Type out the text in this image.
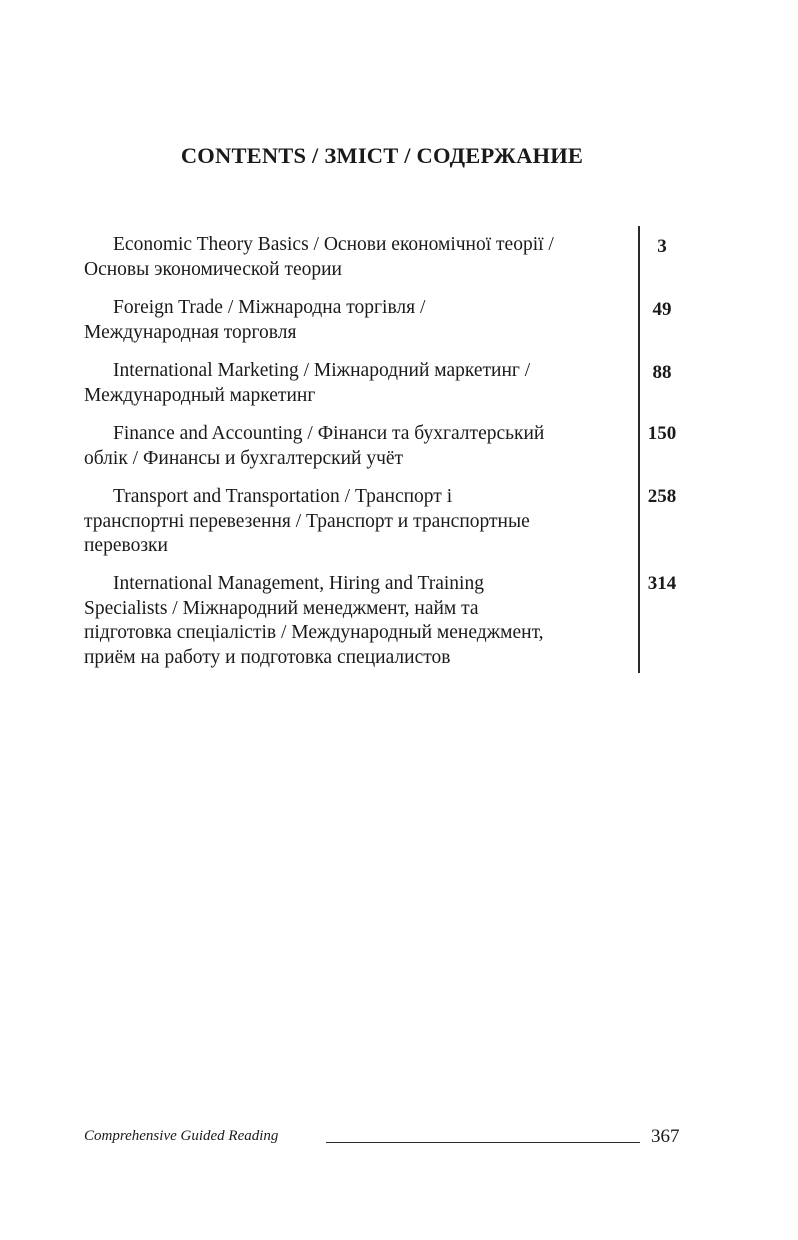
CONTENTS / ЗМІСТ / СОДЕРЖАНИЕ
Economic Theory Basics / Основи економічної теорії /
Основы экономической теории
3
Foreign Trade / Міжнародна торгівля /
Международная торговля
49
International Marketing / Міжнародний маркетинг /
Международный маркетинг
88
Finance and Accounting / Фінанси та бухгалтерський
облік / Финансы и бухгалтерский учёт
150
Transport and Transportation / Транспорт і
транспортні перевезення / Транспорт и транспортные
перевозки
258
International Management, Hiring and Training
Specialists / Міжнародний менеджмент, найм та
підготовка спеціалістів / Международный менеджмент,
приём на работу и подготовка специалистов
314
Comprehensive Guided Reading	367
